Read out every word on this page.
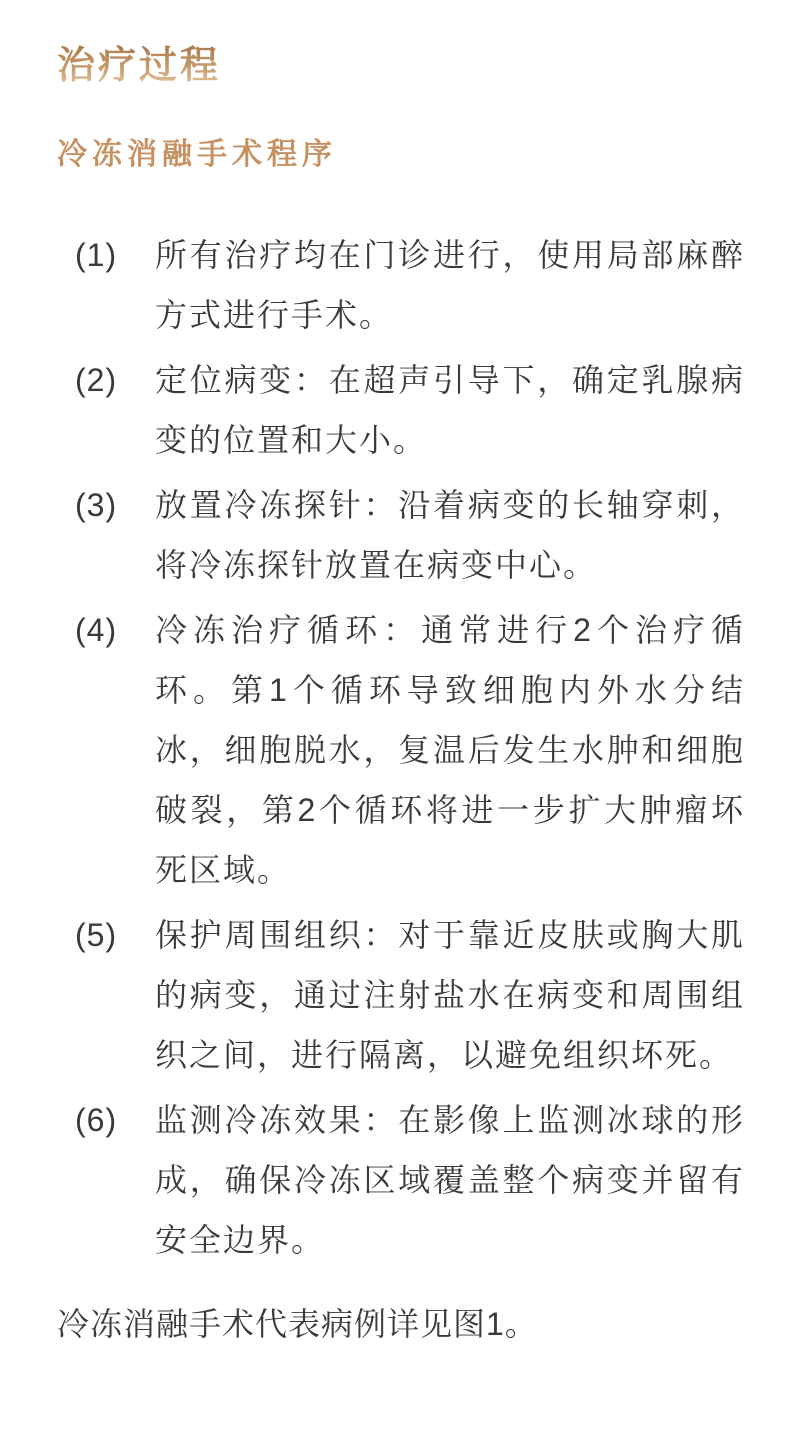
治疗过程
冷冻消融手术程序
(1) 所有治疗均在门诊进行，使用局部麻醉方式进行手术。
(2) 定位病变：在超声引导下，确定乳腺病变的位置和大小。
(3) 放置冷冻探针：沿着病变的长轴穿刺，将冷冻探针放置在病变中心。
(4) 冷冻治疗循环：通常进行2个治疗循环。第1个循环导致细胞内外水分结冰，细胞脱水，复温后发生水肿和细胞破裂，第2个循环将进一步扩大肿瘤坏死区域。
(5) 保护周围组织：对于靠近皮肤或胸大肌的病变，通过注射盐水在病变和周围组织之间，进行隔离，以避免组织坏死。
(6) 监测冷冻效果：在影像上监测冰球的形成，确保冷冻区域覆盖整个病变并留有安全边界。

冷冻消融手术代表病例详见图1。
